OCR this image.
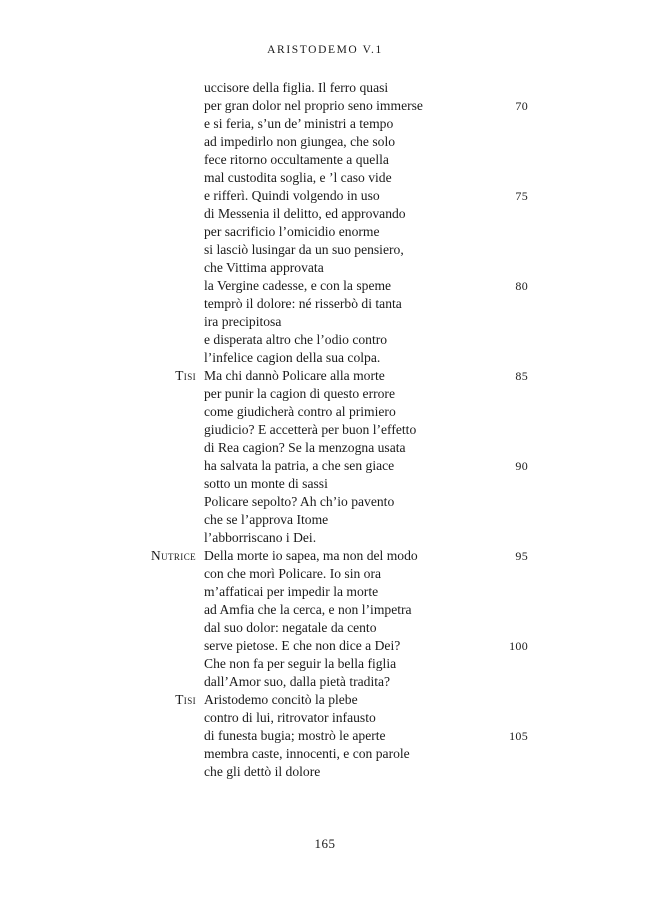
ARISTODEMO V.1
uccisore della figlia. Il ferro quasi
per gran dolor nel proprio seno immerse	70
e si feria, s’un de’ ministri a tempo
ad impedirlo non giungea, che solo
fece ritorno occultamente a quella
mal custodita soglia, e ’l caso vide
e rifferì. Quindi volgendo in uso	75
di Messenia il delitto, ed approvando
per sacrificio l’omicidio enorme
si lasciò lusingar da un suo pensiero,
che Vittima approvata
la Vergine cadesse, e con la speme	80
temprò il dolore: né risserbò di tanta
ira precipitosa
e disperata altro che l’odio contro
l’infelice cagion della sua colpa.
Tisi Ma chi dannò Policare alla morte	85
per punir la cagion di questo errore
come giudicherà contro al primiero
giudicio? E accetterà per buon l’effetto
di Rea cagion? Se la menzogna usata
ha salvata la patria, a che sen giace	90
sotto un monte di sassi
Policare sepolto? Ah ch’io pavento
che se l’approva Itome
l’abborriscano i Dei.
Nutrice Della morte io sapea, ma non del modo	95
con che morì Policare. Io sin ora
m’affaticai per impedir la morte
ad Amfia che la cerca, e non l’impetra
dal suo dolor: negatale da cento
serve pietose. E che non dice a Dei?	100
Che non fa per seguir la bella figlia
dall’Amor suo, dalla pietà tradita?
Tisi Aristodemo concitò la plebe
contro di lui, ritrovator infausto
di funesta bugia; mostrò le aperte	105
membra caste, innocenti, e con parole
che gli dettò il dolore
165
